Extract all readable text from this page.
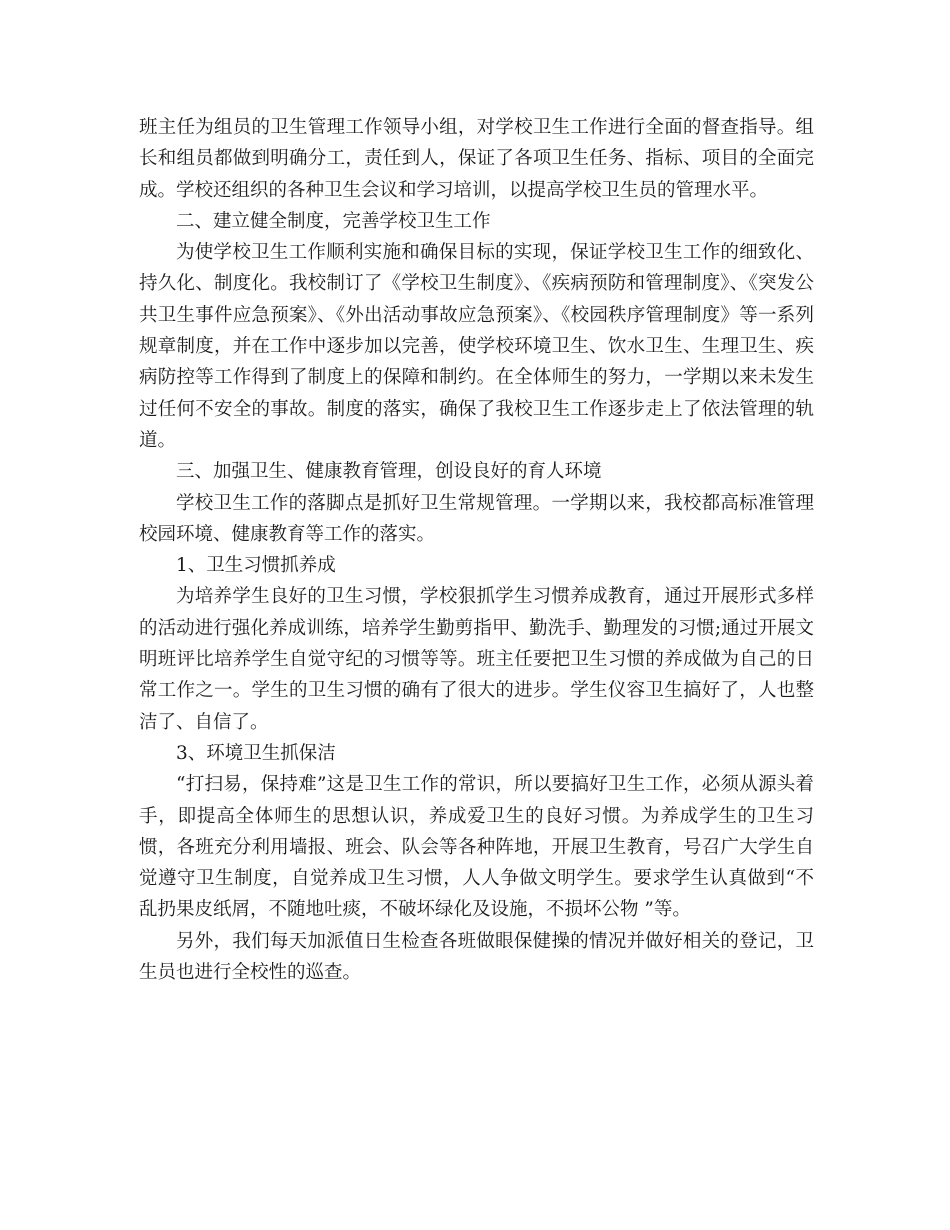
班主任为组员的卫生管理工作领导小组，对学校卫生工作进行全面的督查指导。组长和组员都做到明确分工，责任到人，保证了各项卫生任务、指标、项目的全面完成。学校还组织的各种卫生会议和学习培训，以提高学校卫生员的管理水平。

二、建立健全制度，完善学校卫生工作

为使学校卫生工作顺利实施和确保目标的实现，保证学校卫生工作的细致化、持久化、制度化。我校制订了《学校卫生制度》、《疾病预防和管理制度》、《突发公共卫生事件应急预案》、《外出活动事故应急预案》、《校园秩序管理制度》等一系列规章制度，并在工作中逐步加以完善，使学校环境卫生、饮水卫生、生理卫生、疾病防控等工作得到了制度上的保障和制约。在全体师生的努力，一学期以来未发生过任何不安全的事故。制度的落实，确保了我校卫生工作逐步走上了依法管理的轨道。

三、加强卫生、健康教育管理，创设良好的育人环境

学校卫生工作的落脚点是抓好卫生常规管理。一学期以来，我校都高标准管理校园环境、健康教育等工作的落实。

1、卫生习惯抓养成

为培养学生良好的卫生习惯，学校狠抓学生习惯养成教育，通过开展形式多样的活动进行强化养成训练，培养学生勤剪指甲、勤洗手、勤理发的习惯;通过开展文明班评比培养学生自觉守纪的习惯等等。班主任要把卫生习惯的养成做为自己的日常工作之一。学生的卫生习惯的确有了很大的进步。学生仪容卫生搞好了，人也整洁了、自信了。

3、环境卫生抓保洁

“打扫易，保持难”这是卫生工作的常识，所以要搞好卫生工作，必须从源头着手，即提高全体师生的思想认识，养成爱卫生的良好习惯。为养成学生的卫生习惯，各班充分利用墙报、班会、队会等各种阵地，开展卫生教育，号召广大学生自觉遵守卫生制度，自觉养成卫生习惯，人人争做文明学生。要求学生认真做到“不乱扔果皮纸屑，不随地吐痰，不破坏绿化及设施，不损坏公物 ”等。

另外，我们每天加派值日生检查各班做眼保健操的情况并做好相关的登记，卫生员也进行全校性的巡查。
